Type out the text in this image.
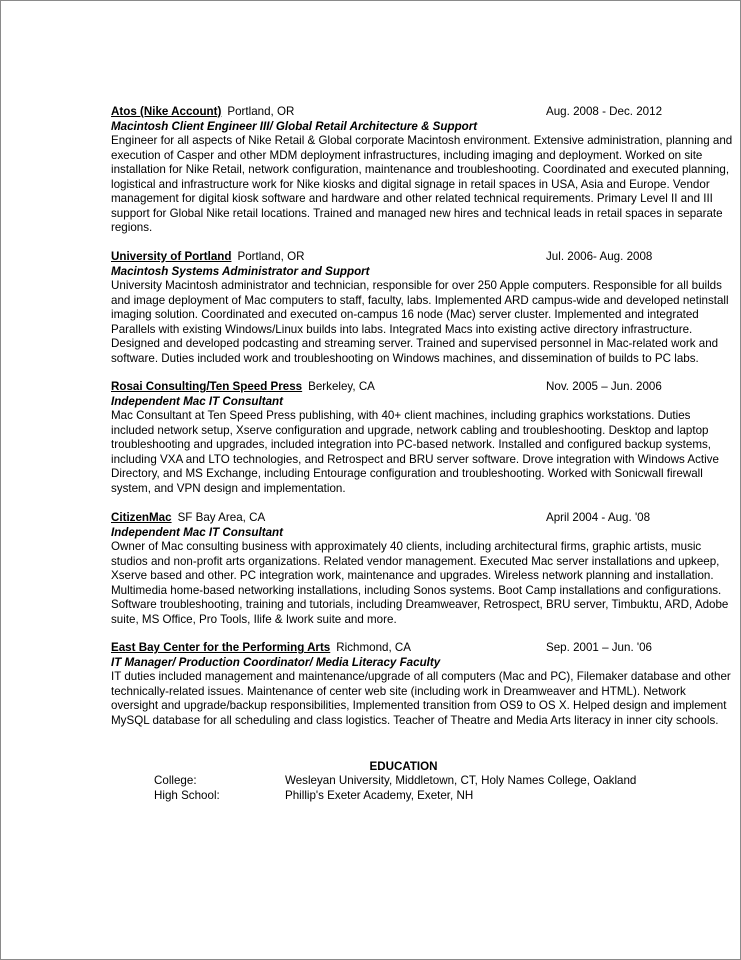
Atos (Nike Account) Portland, OR	Aug. 2008 - Dec. 2012
Macintosh Client Engineer III/ Global Retail Architecture & Support
Engineer for all aspects of Nike Retail & Global corporate Macintosh environment. Extensive administration, planning and
execution of Casper and other MDM deployment infrastructures, including imaging and deployment. Worked on site
installation for Nike Retail, network configuration, maintenance and troubleshooting. Coordinated and executed planning,
logistical and infrastructure work for Nike kiosks and digital signage in retail spaces in USA, Asia and Europe. Vendor
management for digital kiosk software and hardware and other related technical requirements. Primary Level II and III
support for Global Nike retail locations. Trained and managed new hires and technical leads in retail spaces in separate
regions.
University of Portland Portland, OR	Jul. 2006- Aug. 2008
Macintosh Systems Administrator and Support
University Macintosh administrator and technician, responsible for over 250 Apple computers. Responsible for all builds
and image deployment of Mac computers to staff, faculty, labs. Implemented ARD campus-wide and developed netinstall
imaging solution. Coordinated and executed on-campus 16 node (Mac) server cluster. Implemented and integrated
Parallels with existing Windows/Linux builds into labs. Integrated Macs into existing active directory infrastructure.
Designed and developed podcasting and streaming server. Trained and supervised personnel in Mac-related work and
software. Duties included work and troubleshooting on Windows machines, and dissemination of builds to PC labs.
Rosai Consulting/Ten Speed Press Berkeley, CA	Nov. 2005 – Jun. 2006
Independent Mac IT Consultant
Mac Consultant at Ten Speed Press publishing, with 40+ client machines, including graphics workstations. Duties
included network setup, Xserve configuration and upgrade, network cabling and troubleshooting. Desktop and laptop
troubleshooting and upgrades, included integration into PC-based network. Installed and configured backup systems,
including VXA and LTO technologies, and Retrospect and BRU server software. Drove integration with Windows Active
Directory, and MS Exchange, including Entourage configuration and troubleshooting. Worked with Sonicwall firewall
system, and VPN design and implementation.
CitizenMac SF Bay Area, CA	April 2004 - Aug. '08
Independent Mac IT Consultant
Owner of Mac consulting business with approximately 40 clients, including architectural firms, graphic artists, music
studios and non-profit arts organizations. Related vendor management. Executed Mac server installations and upkeep,
Xserve based and other. PC integration work, maintenance and upgrades. Wireless network planning and installation.
Multimedia home-based networking installations, including Sonos systems. Boot Camp installations and configurations.
Software troubleshooting, training and tutorials, including Dreamweaver, Retrospect, BRU server, Timbuktu, ARD, Adobe
suite, MS Office, Pro Tools, Ilife & Iwork suite and more.
East Bay Center for the Performing Arts Richmond, CA	Sep. 2001 – Jun. '06
IT Manager/ Production Coordinator/ Media Literacy Faculty
IT duties included management and maintenance/upgrade of all computers (Mac and PC), Filemaker database and other
technically-related issues. Maintenance of center web site (including work in Dreamweaver and HTML). Network
oversight and upgrade/backup responsibilities, Implemented transition from OS9 to OS X. Helped design and implement
MySQL database for all scheduling and class logistics. Teacher of Theatre and Media Arts literacy in inner city schools.
EDUCATION
College:	Wesleyan University, Middletown, CT, Holy Names College, Oakland
High School:	Phillip's Exeter Academy, Exeter, NH
